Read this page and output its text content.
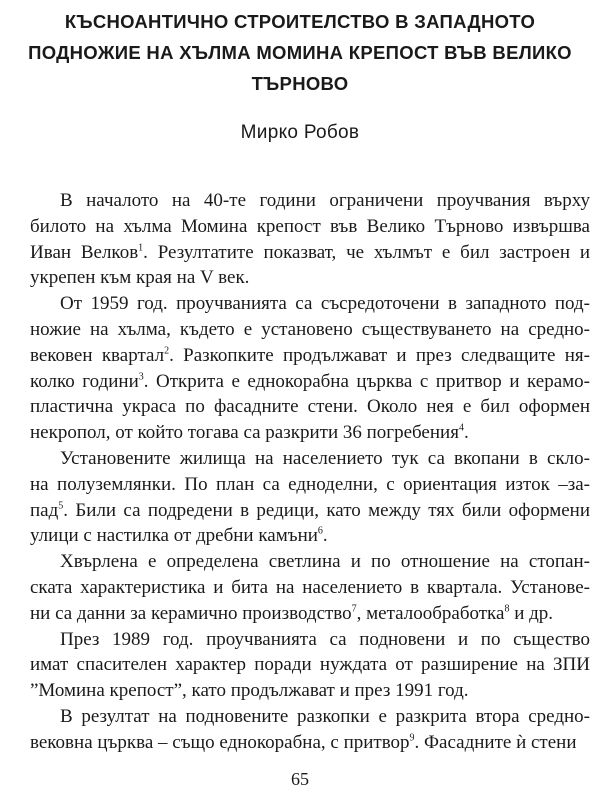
КЪСНОАНТИЧНО СТРОИТЕЛСТВО В ЗАПАДНОТО
ПОДНОЖИЕ НА ХЪЛМА МОМИНА КРЕПОСТ ВЪВ ВЕЛИКО
ТЪРНОВО
Мирко Робов
В началото на 40-те години ограничени проучвания върху
билото на хълма Момина крепост във Велико Търново извършва
Иван Велков$^1$. Резултатите показват, че хълмът е бил застроен и
укрепен към края на V век.
От 1959 год. проучванията са съсредоточени в западното под-
ножие на хълма, където е установено съществуването на средно-
вековен квартал$^2$. Разкопките продължават и през следващите ня-
колко години$^3$. Открита е еднокорабна църква с притвор и керамо-
пластична украса по фасадните стени. Около нея е бил оформен
некропол, от който тогава са разкрити 36 погребения$^4$.
Установените жилища на населението тук са вкопани в скло-
на полуземлянки. По план са еднодeлни, с ориентация изток –за-
пад$^5$. Били са подредени в редици, като между тях били оформени
улици с настилка от дребни камъни$^6$.
Хвърлена е определена светлина и по отношение на стопан-
ската характеристика и бита на населението в квартала. Установе-
ни са данни за керамично производство$^7$, металообработка$^8$ и др.
През 1989 год. проучванията са подновени и по същество
имат спасителен характер поради нуждата от разширение на ЗПИ
”Момина крепост”, като продължават и през 1991 год.
В резултат на подновените разкопки е разкрита втора средно-
вековна църква – също еднокорабна, с притвор$^9$. Фасадните ѝ стени
65
